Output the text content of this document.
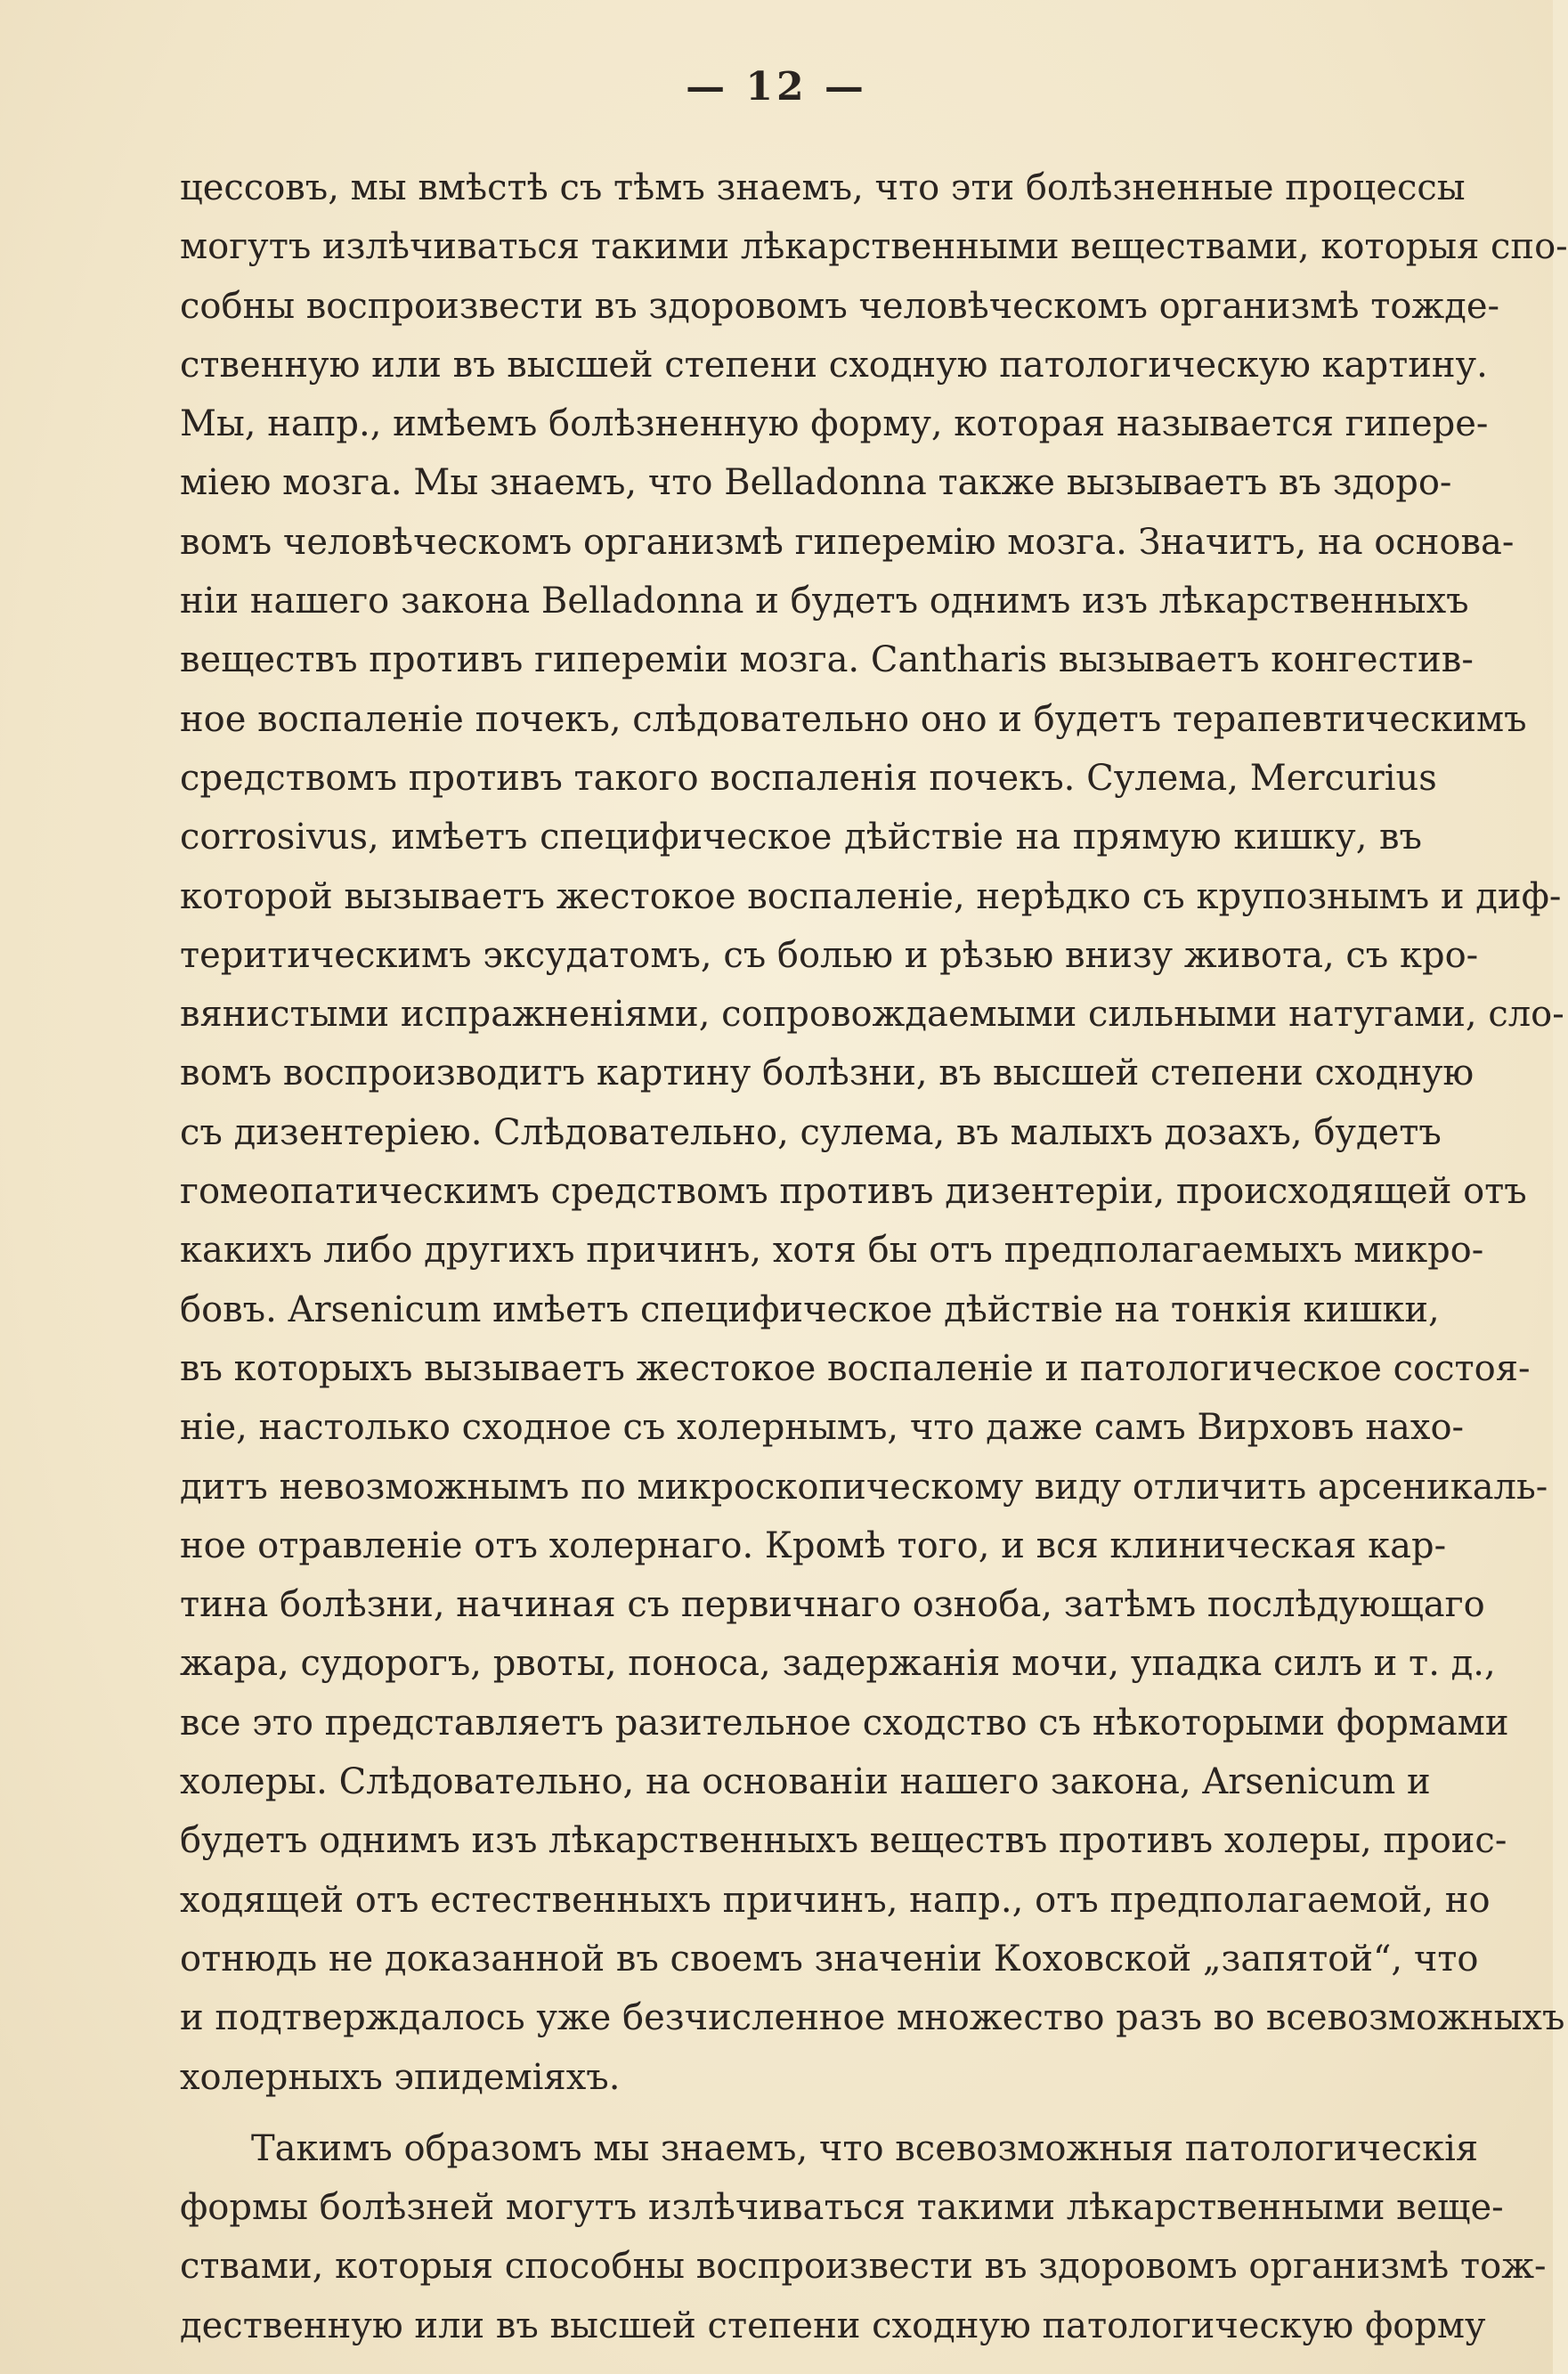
— 12 —
цессовъ, мы вмѣстѣ съ тѣмъ знаемъ, что эти болѣзненные процессы
могутъ излѣчиваться такими лѣкарственными веществами, которыя спо-
собны воспроизвести въ здоровомъ человѣческомъ организмѣ тожде-
ственную или въ высшей степени сходную патологическую картину.
Мы, напр., имѣемъ болѣзненную форму, которая называется гипере-
міею мозга. Мы знаемъ, что Belladonna также вызываетъ въ здоро-
вомъ человѣческомъ организмѣ гиперемію мозга. Значитъ, на основа-
ніи нашего закона Belladonna и будетъ однимъ изъ лѣкарственныхъ
веществъ противъ гипереміи мозга. Cantharis вызываетъ конгестив-
ное воспаленіе почекъ, слѣдовательно оно и будетъ терапевтическимъ
средствомъ противъ такого воспаленія почекъ. Сулема, Mercurius
corrosivus, имѣетъ специфическое дѣйствіе на прямую кишку, въ
которой вызываетъ жестокое воспаленіе, нерѣдко съ крупознымъ и диф-
теритическимъ эксудатомъ, съ болью и рѣзью внизу живота, съ кро-
вянистыми испражненіями, сопровождаемыми сильными натугами, сло-
вомъ воспроизводитъ картину болѣзни, въ высшей степени сходную
съ дизентеріею. Слѣдовательно, сулема, въ малыхъ дозахъ, будетъ
гомеопатическимъ средствомъ противъ дизентеріи, происходящей отъ
какихъ либо другихъ причинъ, хотя бы отъ предполагаемыхъ микро-
бовъ. Arsenicum имѣетъ специфическое дѣйствіе на тонкія кишки,
въ которыхъ вызываетъ жестокое воспаленіе и патологическое состоя-
ніе, настолько сходное съ холернымъ, что даже самъ Вирховъ нахо-
дитъ невозможнымъ по микроскопическому виду отличить арсеникаль-
ное отравленіе отъ холернаго. Кромѣ того, и вся клиническая кар-
тина болѣзни, начиная съ первичнаго озноба, затѣмъ послѣдующаго
жара, судорогъ, рвоты, поноса, задержанія мочи, упадка силъ и т. д.,
все это представляетъ разительное сходство съ нѣкоторыми формами
холеры. Слѣдовательно, на основаніи нашего закона, Arsenicum и
будетъ однимъ изъ лѣкарственныхъ веществъ противъ холеры, проис-
ходящей отъ естественныхъ причинъ, напр., отъ предполагаемой, но
отнюдь не доказанной въ своемъ значеніи Коховской „запятой“, что
и подтверждалось уже безчисленное множество разъ во всевозможныхъ
холерныхъ эпидеміяхъ.
Такимъ образомъ мы знаемъ, что всевозможныя патологическія
формы болѣзней могутъ излѣчиваться такими лѣкарственными веще-
ствами, которыя способны воспроизвести въ здоровомъ организмѣ тож-
дественную или въ высшей степени сходную патологическую форму
